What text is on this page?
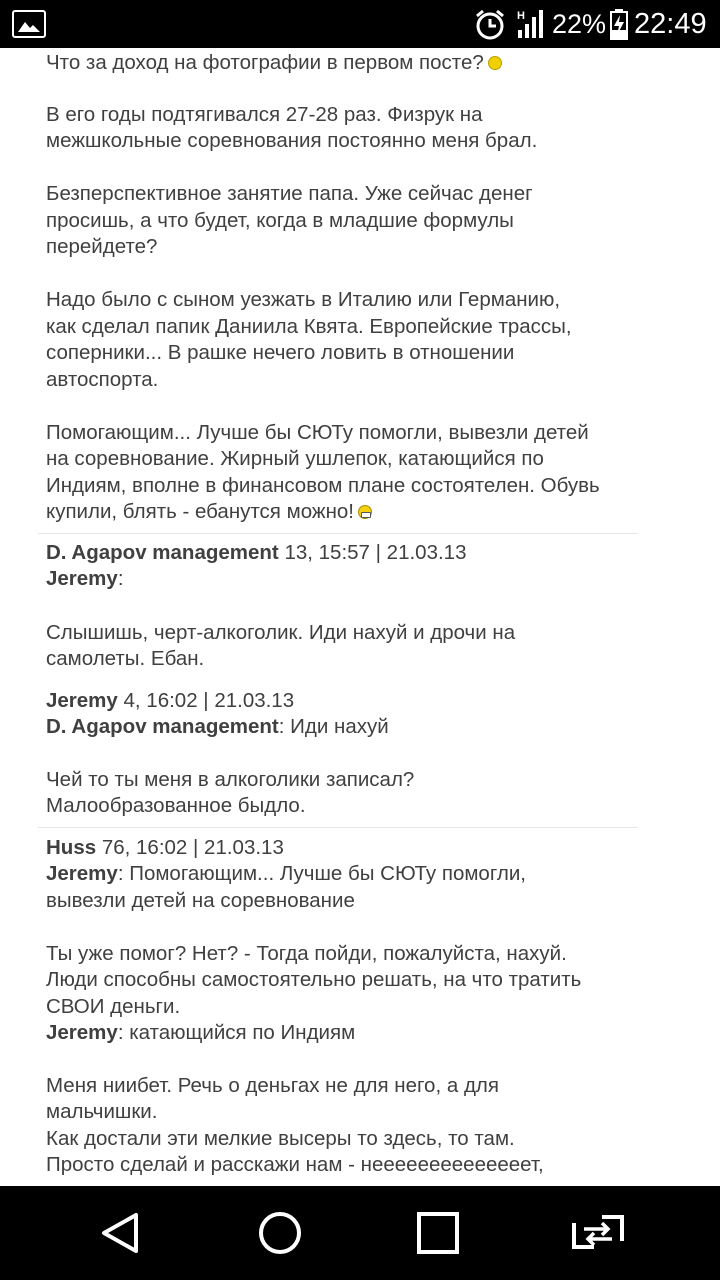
H 22% 22:49

Что за доход на фотографии в первом посте?

В его годы подтягивался 27-28 раз. Физрук на

межшкольные соревнования постоянно меня брал.

Безперспективное занятие папа. Уже сейчас денег

просишь, а что будет, когда в младшие формулы

перейдете?

Надо было с сыном уезжать в Италию или Германию,

как сделал папик Даниила Квята. Европейские трассы,

соперники... В рашке нечего ловить в отношении

автоспорта.

Помогающим... Лучше бы СЮТу помогли, вывезли детей

на соревнование. Жирный ушлепок, катающийся по

Индиям, вполне в финансовом плане состоятелен. Обувь

купили, блять - ебанутся можно!

D. Agapov management 13, 15:57 | 21.03.13

Jeremy:

Слышишь, черт-алкоголик. Иди нахуй и дрочи на

самолеты. Ебан.

Jeremy 4, 16:02 | 21.03.13

D. Agapov management: Иди нахуй

Чей то ты меня в алкоголики записал?

Малообразованное быдло.

Huss 76, 16:02 | 21.03.13

Jeremy: Помогающим... Лучше бы СЮТу помогли,

вывезли детей на соревнование

Ты уже помог? Нет? - Тогда пойди, пожалуйста, нахуй.

Люди способны самостоятельно решать, на что тратить

СВОИ деньги.

Jeremy: катающийся по Индиям

Меня ниибет. Речь о деньгах не для него, а для

мальчишки.

Как достали эти мелкие высеры то здесь, то там.

Просто сделай и расскажи нам - неееееееееееееет,
